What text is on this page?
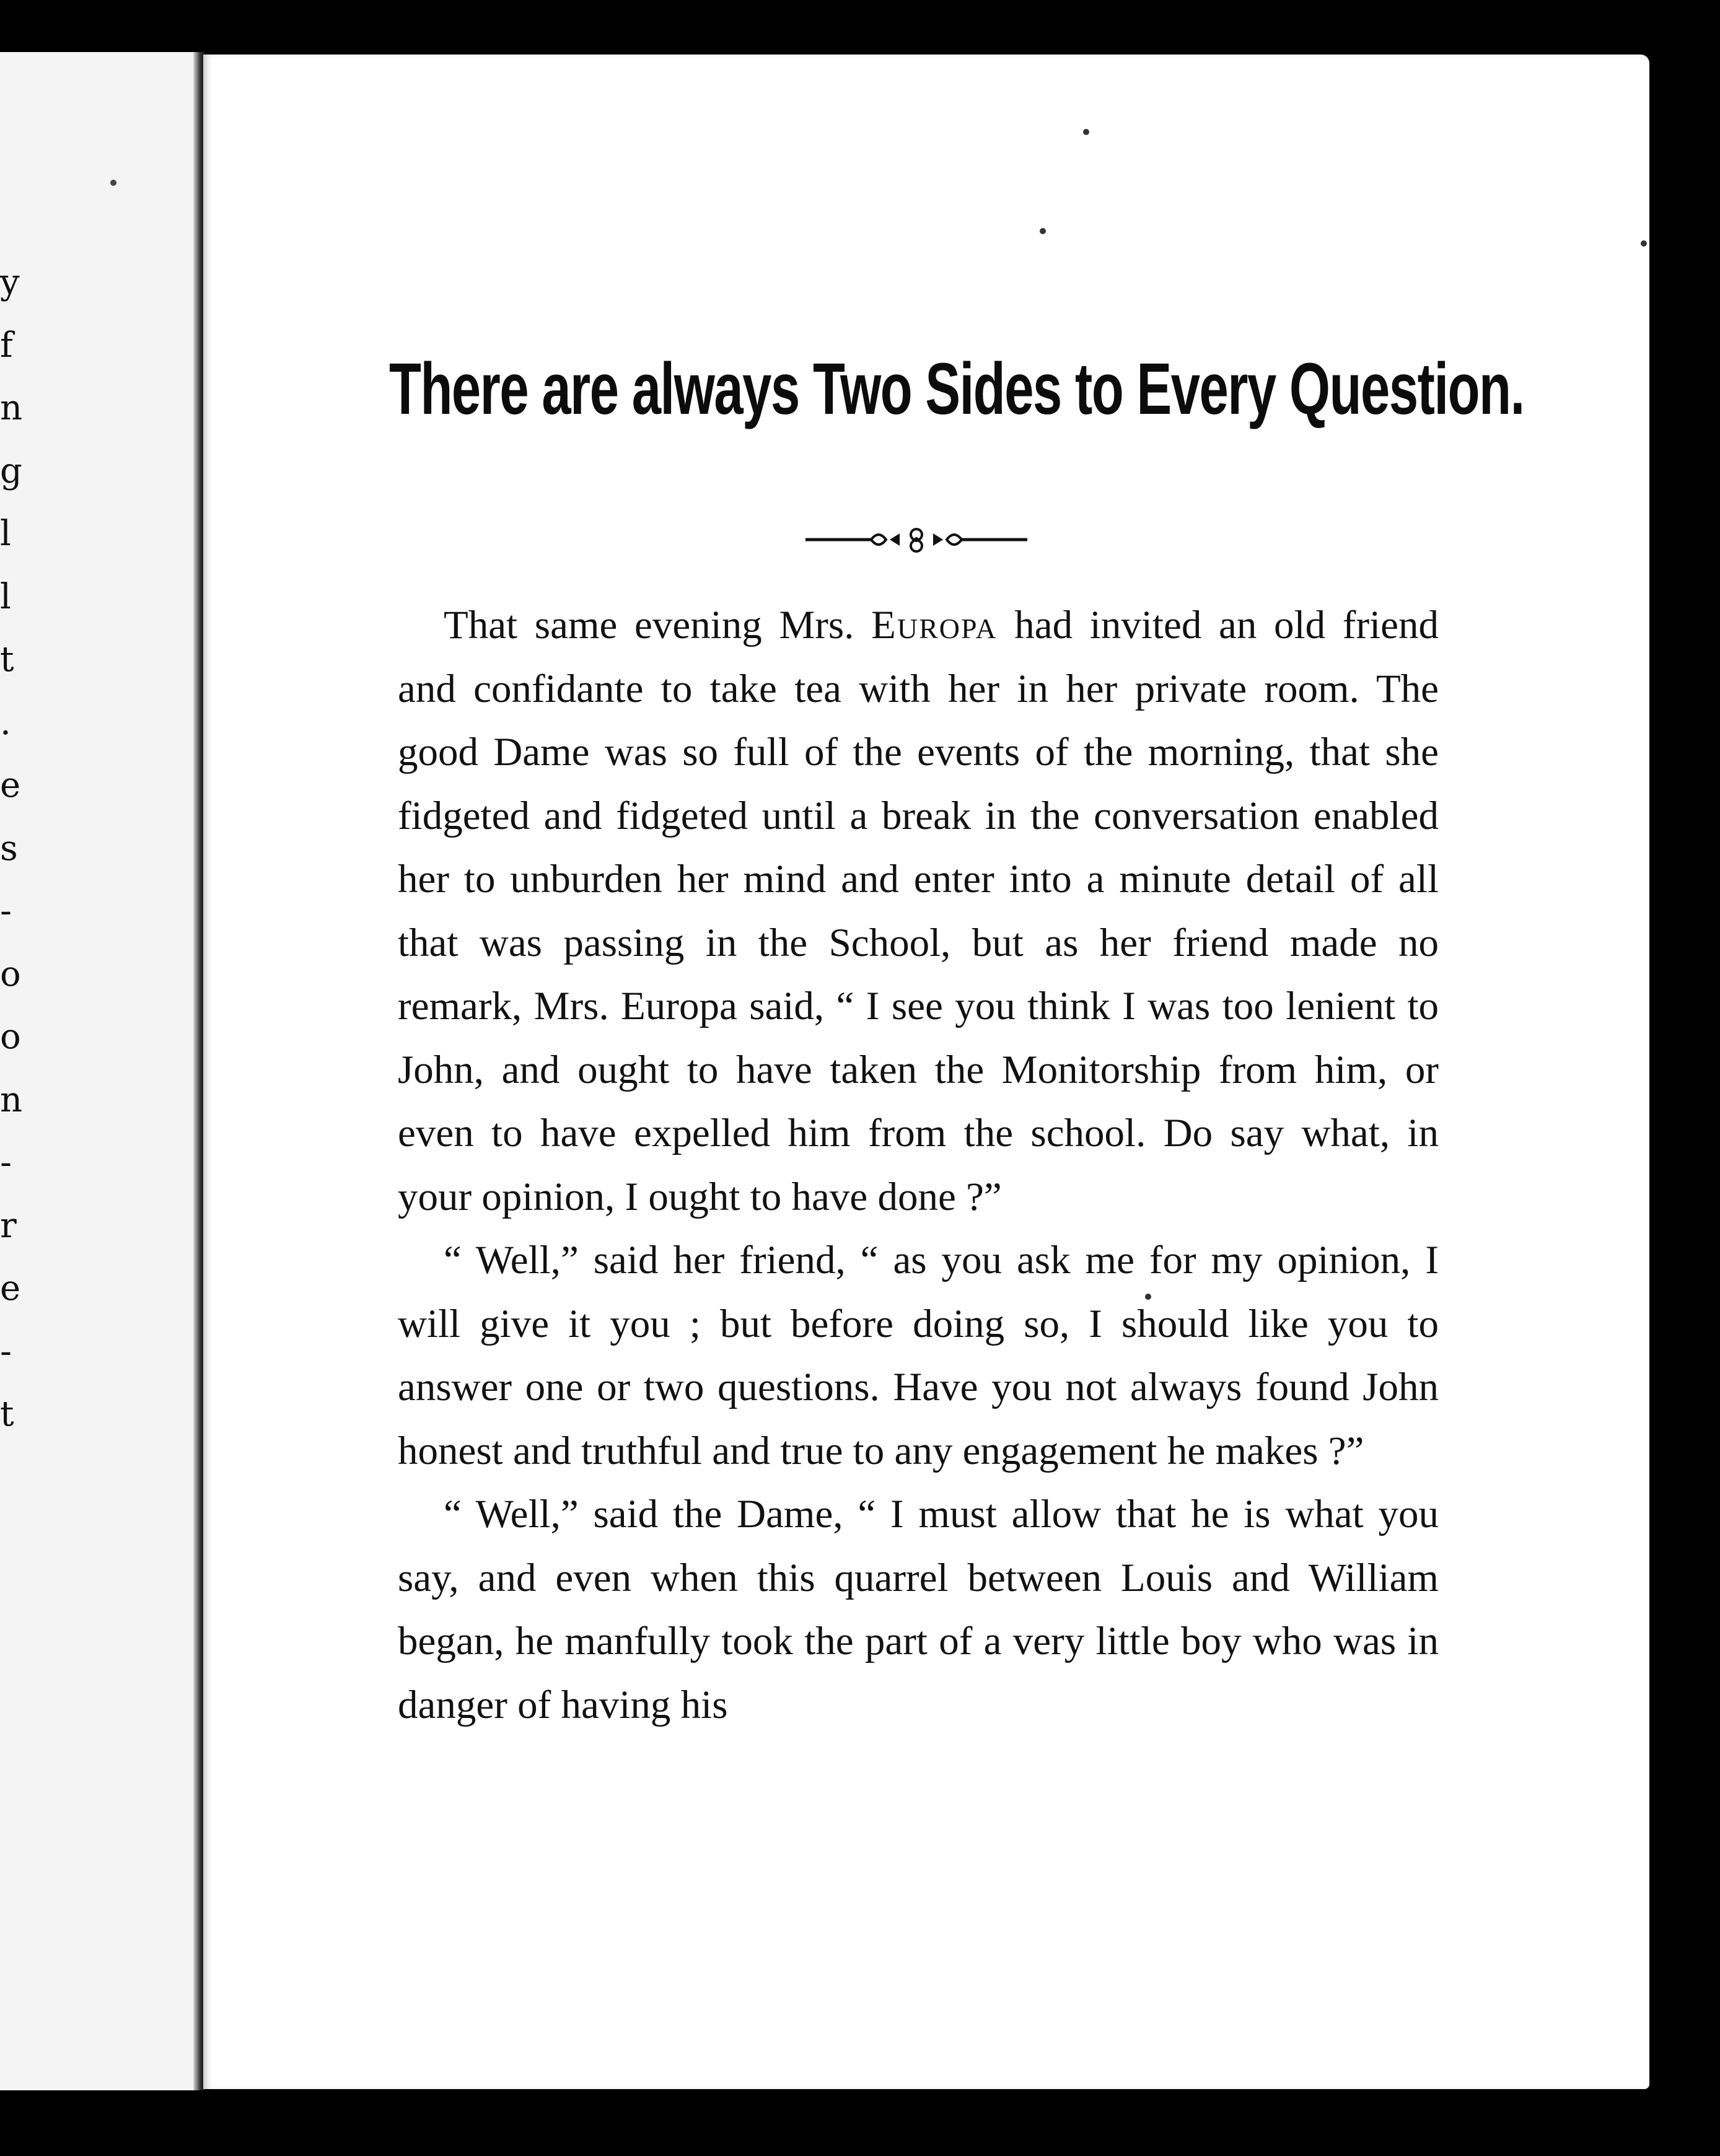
y
f
n
g
l
l
t
.
e
s
-
o
o
n
-
r
e
-
t
There are always Two Sides to Every Question.

That same evening Mrs. Europa had invited an old friend and confidante to take tea with her in her private room. The good Dame was so full of the events of the morning, that she fidgeted and fidgeted until a break in the conversation enabled her to unburden her mind and enter into a minute detail of all that was passing in the School, but as her friend made no remark, Mrs. Europa said, “ I see you think I was too lenient to John, and ought to have taken the Monitorship from him, or even to have expelled him from the school. Do say what, in your opinion, I ought to have done ?”

“ Well,” said her friend, “ as you ask me for my opinion, I will give it you ; but before doing so, I should like you to answer one or two questions. Have you not always found John honest and truthful and true to any engagement he makes ?”

“ Well,” said the Dame, “ I must allow that he is what you say, and even when this quarrel between Louis and William began, he manfully took the part of a very little boy who was in danger of having his
